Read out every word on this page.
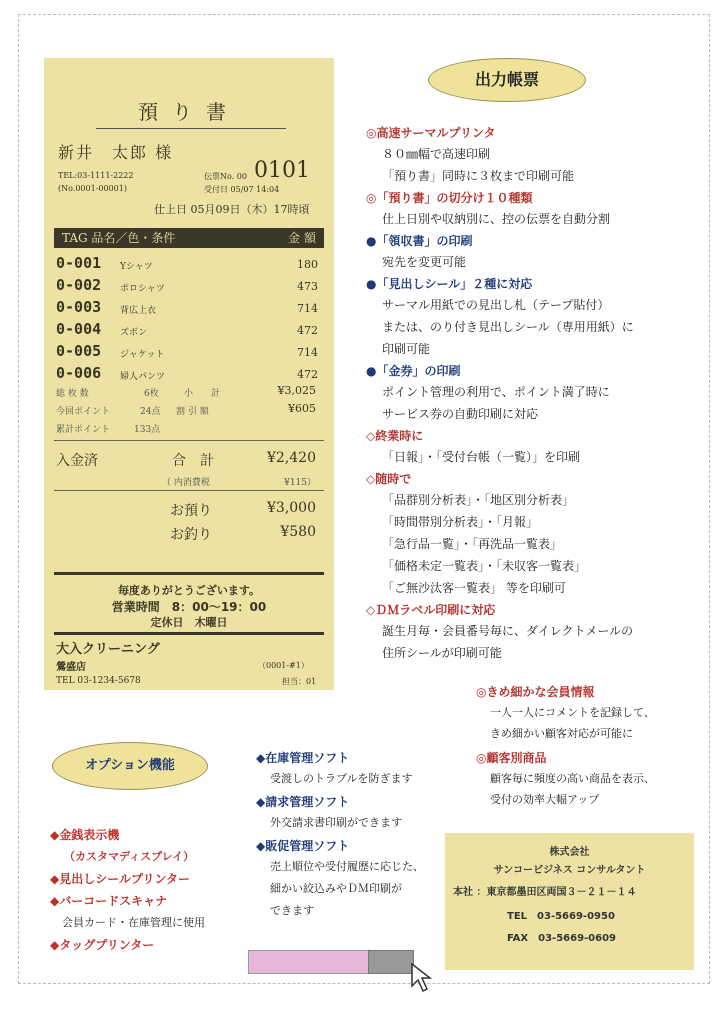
預り書
新井　太郎 様
TEL:03-1111-2222
(No.0001-00001)
伝票No. 00 0101
受付日 05/07 14:04
仕上日 05月09日（木）17時頃
TAG 品名／色・条件	金 額
0-001 Yシャツ	180
0-002 ポロシャツ	473
0-003 背広上衣	714
0-004 ズボン	472
0-005 ジャケット	714
0-006 婦人パンツ	472
総 枚 数	6枚	小　　計	¥3,025
今回ポイント	24点 割 引 額	¥605
累計ポイント	133点
入金済	合　計	¥2,420
（ 内消費税	¥115）
お預り	¥3,000
お釣り	¥580
毎度ありがとうございます。
営業時間　8：00〜19：00
定休日　木曜日
大入クリーニング
鶯盛店	（0001-#1）
TEL 03-1234-5678	担当：01
出力帳票
◎高速サーマルプリンタ
８０㎜幅で高速印刷
「預り書」同時に３枚まで印刷可能
◎「預り書」の切分け１０種類
仕上日別や収納別に、控の伝票を自動分割
●「領収書」の印刷
宛先を変更可能
●「見出しシール」２種に対応
サーマル用紙での見出し札（テープ貼付）
または、のり付き見出しシール（専用用紙）に
印刷可能
●「金券」の印刷
ポイント管理の利用で、ポイント満了時に
サービス券の自動印刷に対応
◇終業時に
「日報」・「受付台帳（一覧）」を印刷
◇随時で
「品群別分析表」・「地区別分析表」
「時間帯別分析表」・「月報」
「急行品一覧」・「再洗品一覧表」
「価格未定一覧表」・「未収客一覧表」
「ご無沙汰客一覧表」 等を印刷可
◇ＤＭラベル印刷に対応
誕生月毎・会員番号毎に、ダイレクトメールの
住所シールが印刷可能
◎きめ細かな会員情報
一人一人にコメントを記録して、
きめ細かい顧客対応が可能に
◎顧客別商品
顧客毎に頻度の高い商品を表示、
受付の効率大幅アップ
オプション機能
◆金銭表示機
（カスタマディスプレイ）
◆見出しシールプリンター
◆バーコードスキャナ
会員カード・在庫管理に使用
◆タッグプリンター
◆在庫管理ソフト
受渡しのトラブルを防ぎます
◆請求管理ソフト
外交請求書印刷ができます
◆販促管理ソフト
売上順位や受付履歴に応じた、
細かい絞込みやＤＭ印刷が
できます
株式会社
サンコービジネス コンサルタント
本社 ：東京都墨田区両国３－２１－１４
TEL　03-5669-0950
FAX　03-5669-0609
